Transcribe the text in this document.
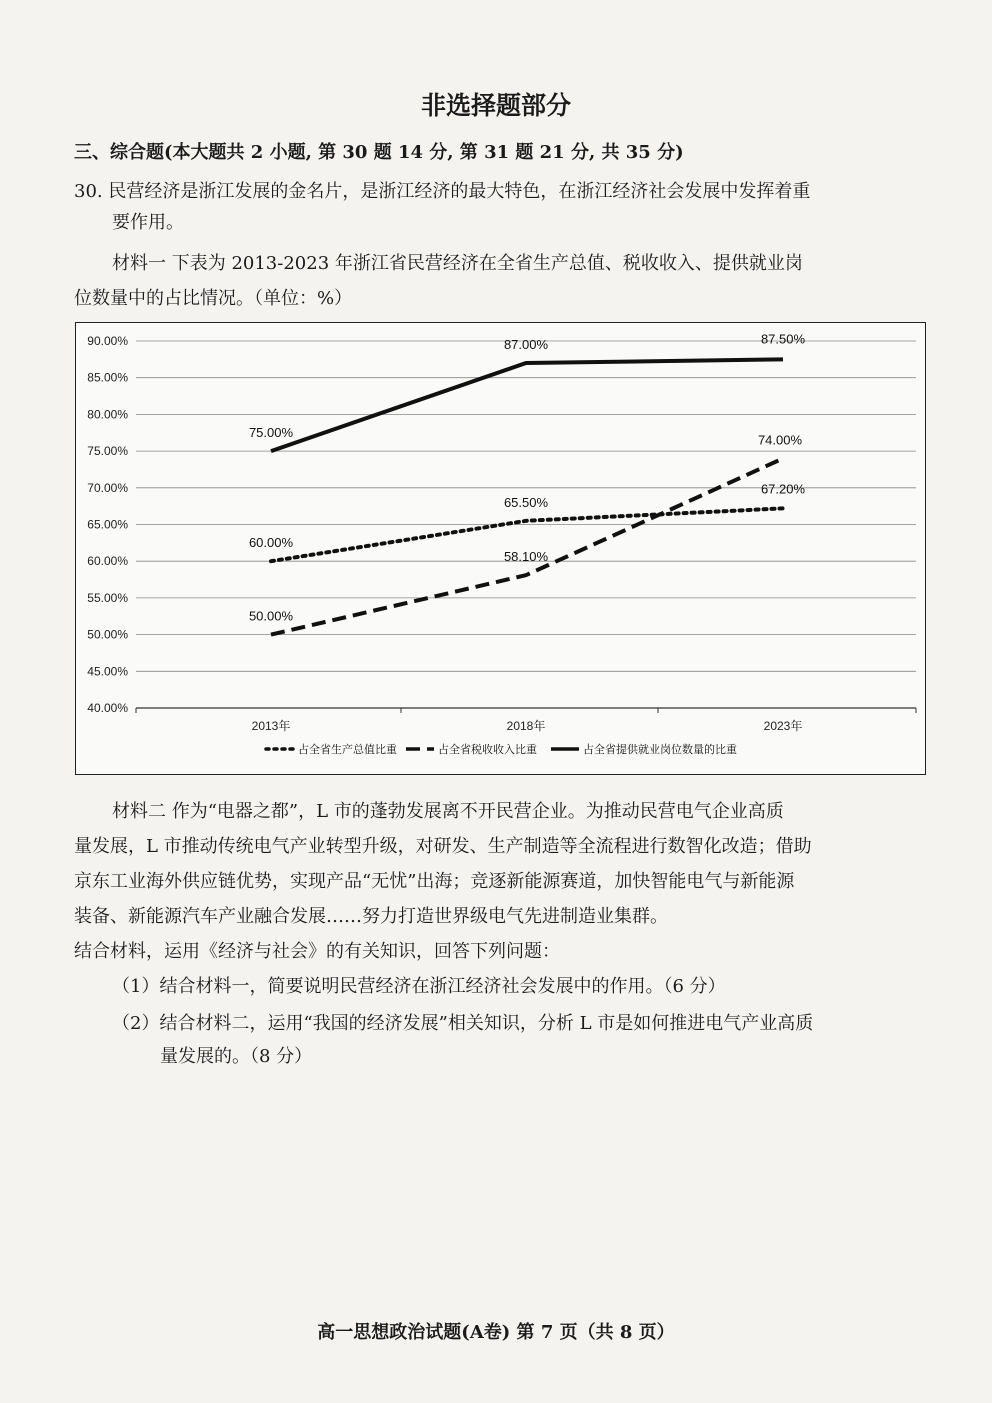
非选择题部分
三、综合题(本大题共 2 小题, 第 30 题 14 分, 第 31 题 21 分, 共 35 分)
30. 民营经济是浙江发展的金名片，是浙江经济的最大特色，在浙江经济社会发展中发挥着重
要作用。
材料一 下表为 2013-2023 年浙江省民营经济在全省生产总值、税收收入、提供就业岗
位数量中的占比情况。（单位：%）
40.00%
45.00%
50.00%
55.00%
60.00%
65.00%
70.00%
75.00%
80.00%
85.00%
90.00%
2013年	2018年	2023年
60.00%
65.50%
67.20%
50.00%
58.10%
74.00%
75.00%
87.00%	87.50%
占全省生产总值比重	占全省税收收入比重	占全省提供就业岗位数量的比重
材料二 作为“电器之都”，L 市的蓬勃发展离不开民营企业。为推动民营电气企业高质
量发展，L 市推动传统电气产业转型升级，对研发、生产制造等全流程进行数智化改造；借助
京东工业海外供应链优势，实现产品“无忧”出海；竞逐新能源赛道，加快智能电气与新能源
装备、新能源汽车产业融合发展……努力打造世界级电气先进制造业集群。
结合材料，运用《经济与社会》的有关知识，回答下列问题：
（1）结合材料一，简要说明民营经济在浙江经济社会发展中的作用。（6 分）
（2）结合材料二，运用“我国的经济发展”相关知识，分析 L 市是如何推进电气产业高质
量发展的。（8 分）
高一思想政治试题(A卷) 第 7 页（共 8 页）
